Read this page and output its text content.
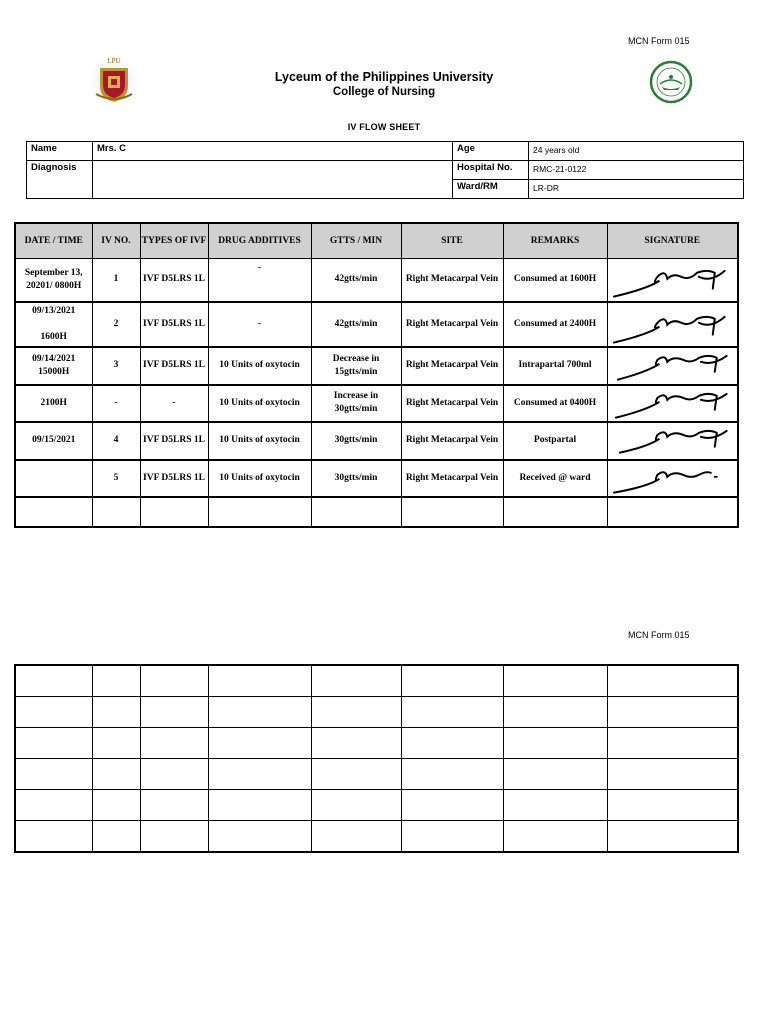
MCN Form 015
LPU
Lyceum of the Philippines University
College of Nursing
IV FLOW SHEET
Name	Mrs. C	Age	24 years old
Diagnosis		Hospital No.	RMC-21-0122
		Ward/RM	LR-DR
DATE / TIME	IV NO.	TYPES OF IVF	DRUG ADDITIVES	GTTS / MIN	SITE	REMARKS	SIGNATURE
September 13, 20201/ 0800H	1	IVF D5LRS 1L	-	42gtts/min	Right Metacarpal Vein	Consumed at 1600H	

09/13/2021

1600H	2	IVF D5LRS 1L	-	42gtts/min	Right Metacarpal Vein	Consumed at 2400H	

09/14/2021 15000H	3	IVF D5LRS 1L	10 Units of oxytocin	Decrease in 15gtts/min	Right Metacarpal Vein	Intrapartal 700ml	

2100H	-	-	10 Units of oxytocin	Increase in 30gtts/min	Right Metacarpal Vein	Consumed at 0400H	

09/15/2021	4	IVF D5LRS 1L	10 Units of oxytocin	30gtts/min	Right Metacarpal Vein	Postpartal	

	5	IVF D5LRS 1L	10 Units of oxytocin	30gtts/min	Right Metacarpal Vein	Received @ ward	

MCN Form 015
